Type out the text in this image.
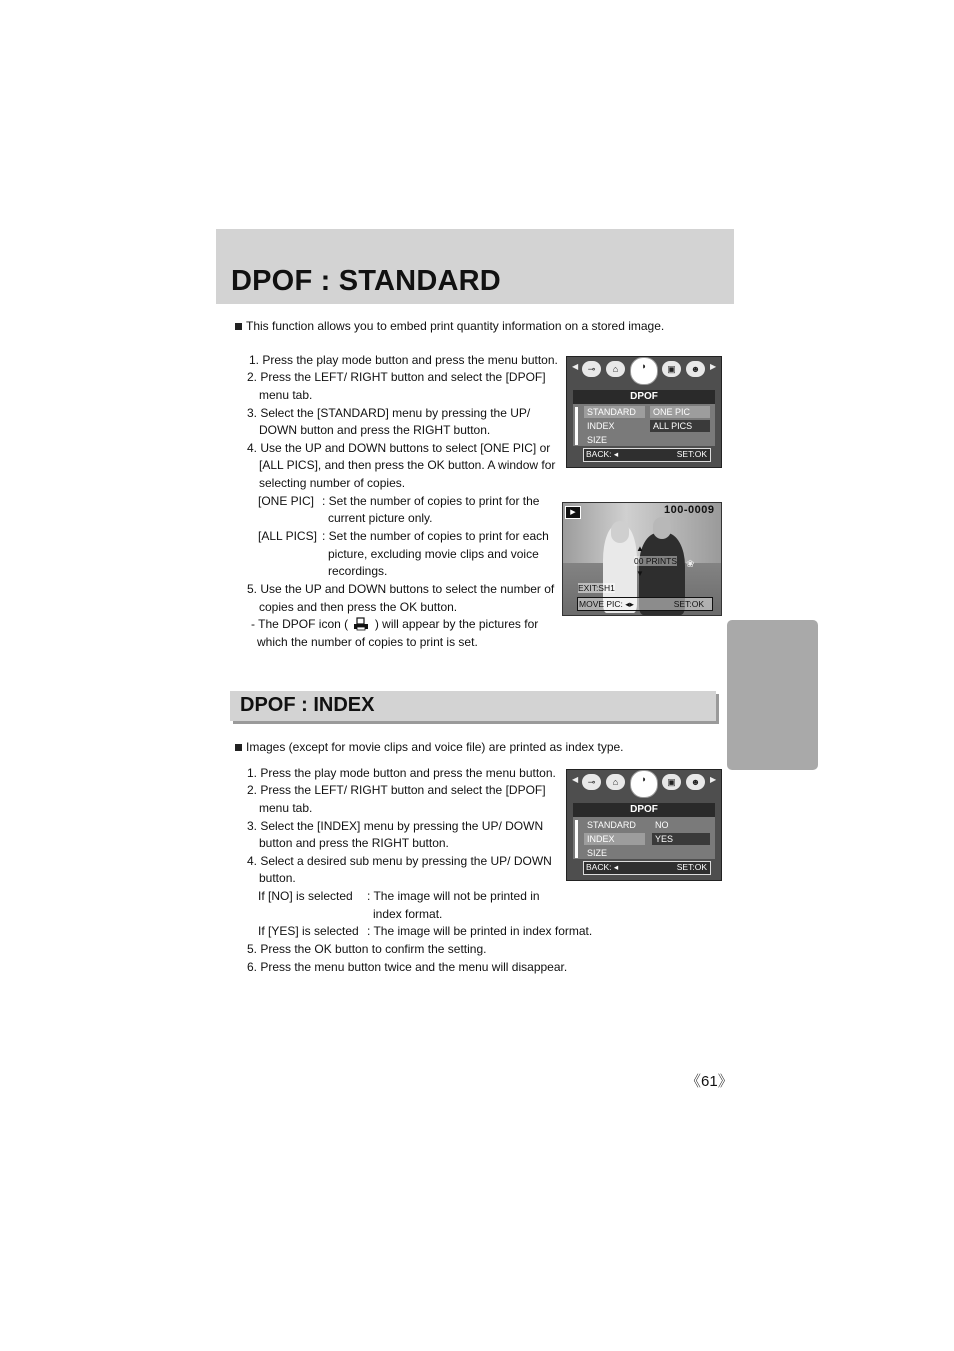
DPOF : STANDARD
This function allows you to embed print quantity information on a stored image.
1. Press the play mode button and press the menu button.
2. Press the LEFT/ RIGHT button and select the [DPOF]
menu tab.
3. Select the [STANDARD] menu by pressing the UP/
DOWN button and press the RIGHT button.
4. Use the UP and DOWN buttons to select [ONE PIC] or
[ALL PICS], and then press the OK button. A window for
selecting number of copies.
[ONE PIC] : Set the number of copies to print for the
current picture only.
[ALL PICS] : Set the number of copies to print for each
picture, excluding movie clips and voice
recordings.
5. Use the UP and DOWN buttons to select the number of
copies and then press the OK button.
- The DPOF icon ( ) will appear by the pictures for
which the number of copies to print is set.
◀	⊸	⌂	◗	▣	☻	▶
DPOF
STANDARD
INDEX
SIZE
ONE PIC
ALL PICS
BACK: ◂	SET:OK
▶	100-0009
▲
00 PRINTS
▼
❀
EXIT:SH1
MOVE PIC: ◂▸	SET:OK
DPOF : INDEX
Images (except for movie clips and voice file) are printed as index type.
1. Press the play mode button and press the menu button.
2. Press the LEFT/ RIGHT button and select the [DPOF]
menu tab.
3. Select the [INDEX] menu by pressing the UP/ DOWN
button and press the RIGHT button.
4. Select a desired sub menu by pressing the UP/ DOWN
button.
If [NO] is selected : The image will not be printed in
index format.
If [YES] is selected : The image will be printed in index format.
5. Press the OK button to confirm the setting.
6. Press the menu button twice and the menu will disappear.
◀	⊸	⌂	◗	▣	☻	▶
DPOF
STANDARD
INDEX
SIZE
NO
YES
BACK: ◂	SET:OK
《61》
